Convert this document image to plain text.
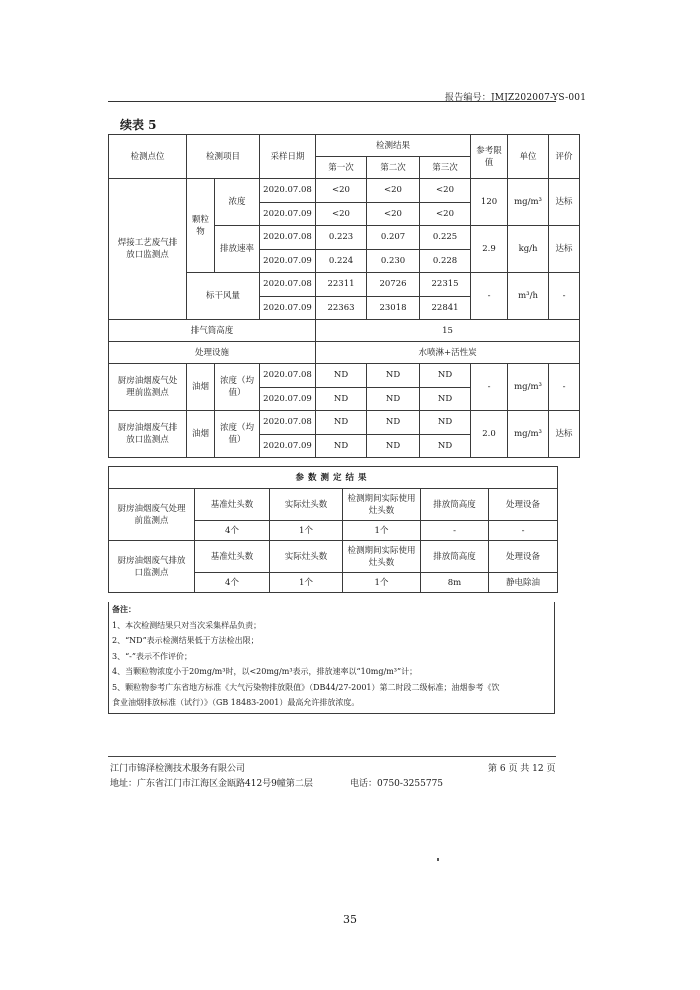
报告编号：JMJZ202007-YS-001
续表 5
检测点位	检测项目		采样日期	检测结果			参考限值	单位	评价
				第一次	第二次	第三次			
焊接工艺废气排放口监测点	颗粒物	浓度	2020.07.08	<20	<20	<20	120	mg/m³	达标
			2020.07.09	<20	<20	<20			
		排放速率	2020.07.08	0.223	0.207	0.225	2.9	kg/h	达标
			2020.07.09	0.224	0.230	0.228			
	标干风量		2020.07.08	22311	20726	22315	-	m³/h	-
			2020.07.09	22363	23018	22841			
排气筒高度				15					
处理设施				水喷淋+活性炭					
厨房油烟废气处理前监测点	油烟	浓度（均值）	2020.07.08	ND	ND	ND	-	mg/m³	-
			2020.07.09	ND	ND	ND			
厨房油烟废气排放口监测点	油烟	浓度（均值）	2020.07.08	ND	ND	ND	2.0	mg/m³	达标
			2020.07.09	ND	ND	ND			
参数测定结果					
厨房油烟废气处理前监测点	基准灶头数	实际灶头数	检测期间实际使用灶头数	排放筒高度	处理设备
	4个	1个	1个	-	-
厨房油烟废气排放口监测点	基准灶头数	实际灶头数	检测期间实际使用灶头数	排放筒高度	处理设备
	4个	1个	1个	8m	静电除油
备注：
1、本次检测结果只对当次采集样品负责；
2、“ND”表示检测结果低于方法检出限；
3、“-”表示不作评价；
4、当颗粒物浓度小于20mg/m³时，以<20mg/m³表示，排放速率以“10mg/m³”计；
5、颗粒物参考广东省地方标准《大气污染物排放限值》（DB44/27-2001）第二时段二级标准；油烟参考《饮
食业油烟排放标准（试行）》（GB 18483-2001）最高允许排放浓度。
江门市锦泽检测技术服务有限公司	第 6 页 共 12 页
地址：广东省江门市江海区金瓯路412号9幢第二层	电话：0750-3255775
35
